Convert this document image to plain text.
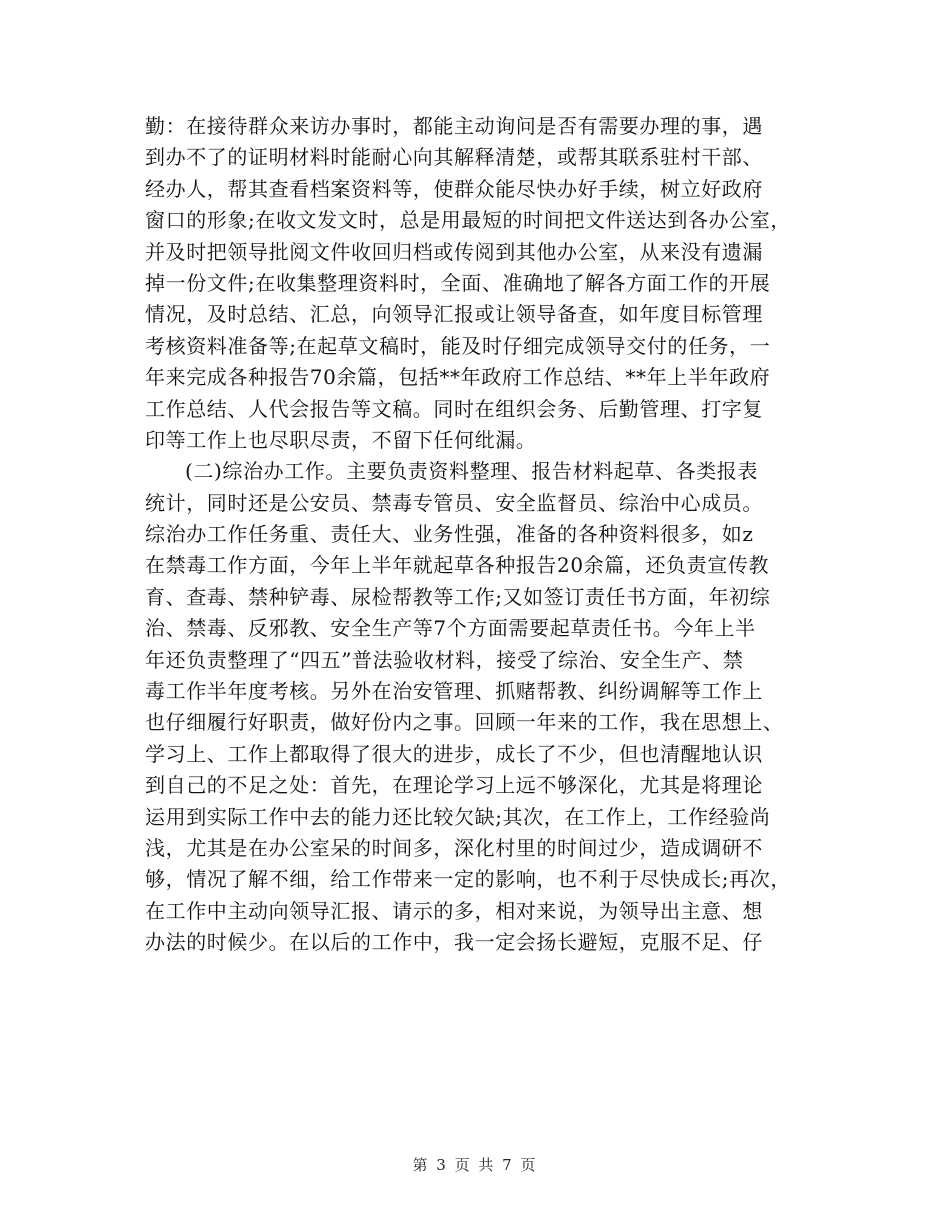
勤：在接待群众来访办事时，都能主动询问是否有需要办理的事，遇
到办不了的证明材料时能耐心向其解释清楚，或帮其联系驻村干部、
经办人，帮其查看档案资料等，使群众能尽快办好手续，树立好政府
窗口的形象;在收文发文时，总是用最短的时间把文件送达到各办公室，
并及时把领导批阅文件收回归档或传阅到其他办公室，从来没有遗漏
掉一份文件;在收集整理资料时，全面、准确地了解各方面工作的开展
情况，及时总结、汇总，向领导汇报或让领导备查，如年度目标管理
考核资料准备等;在起草文稿时，能及时仔细完成领导交付的任务，一
年来完成各种报告70余篇，包括**年政府工作总结、**年上半年政府
工作总结、人代会报告等文稿。同时在组织会务、后勤管理、打字复
印等工作上也尽职尽责，不留下任何纰漏。
(二)综治办工作。主要负责资料整理、报告材料起草、各类报表
统计，同时还是公安员、禁毒专管员、安全监督员、综治中心成员。
综治办工作任务重、责任大、业务性强，准备的各种资料很多，如z
在禁毒工作方面，今年上半年就起草各种报告20余篇，还负责宣传教
育、查毒、禁种铲毒、尿检帮教等工作;又如签订责任书方面，年初综
治、禁毒、反邪教、安全生产等7个方面需要起草责任书。今年上半
年还负责整理了“四五”普法验收材料，接受了综治、安全生产、禁
毒工作半年度考核。另外在治安管理、抓赌帮教、纠纷调解等工作上
也仔细履行好职责，做好份内之事。回顾一年来的工作，我在思想上、
学习上、工作上都取得了很大的进步，成长了不少，但也清醒地认识
到自己的不足之处：首先，在理论学习上远不够深化，尤其是将理论
运用到实际工作中去的能力还比较欠缺;其次，在工作上，工作经验尚
浅，尤其是在办公室呆的时间多，深化村里的时间过少，造成调研不
够，情况了解不细，给工作带来一定的影响，也不利于尽快成长;再次，
在工作中主动向领导汇报、请示的多，相对来说，为领导出主意、想
办法的时候少。在以后的工作中，我一定会扬长避短，克服不足、仔
第 3 页 共 7 页
